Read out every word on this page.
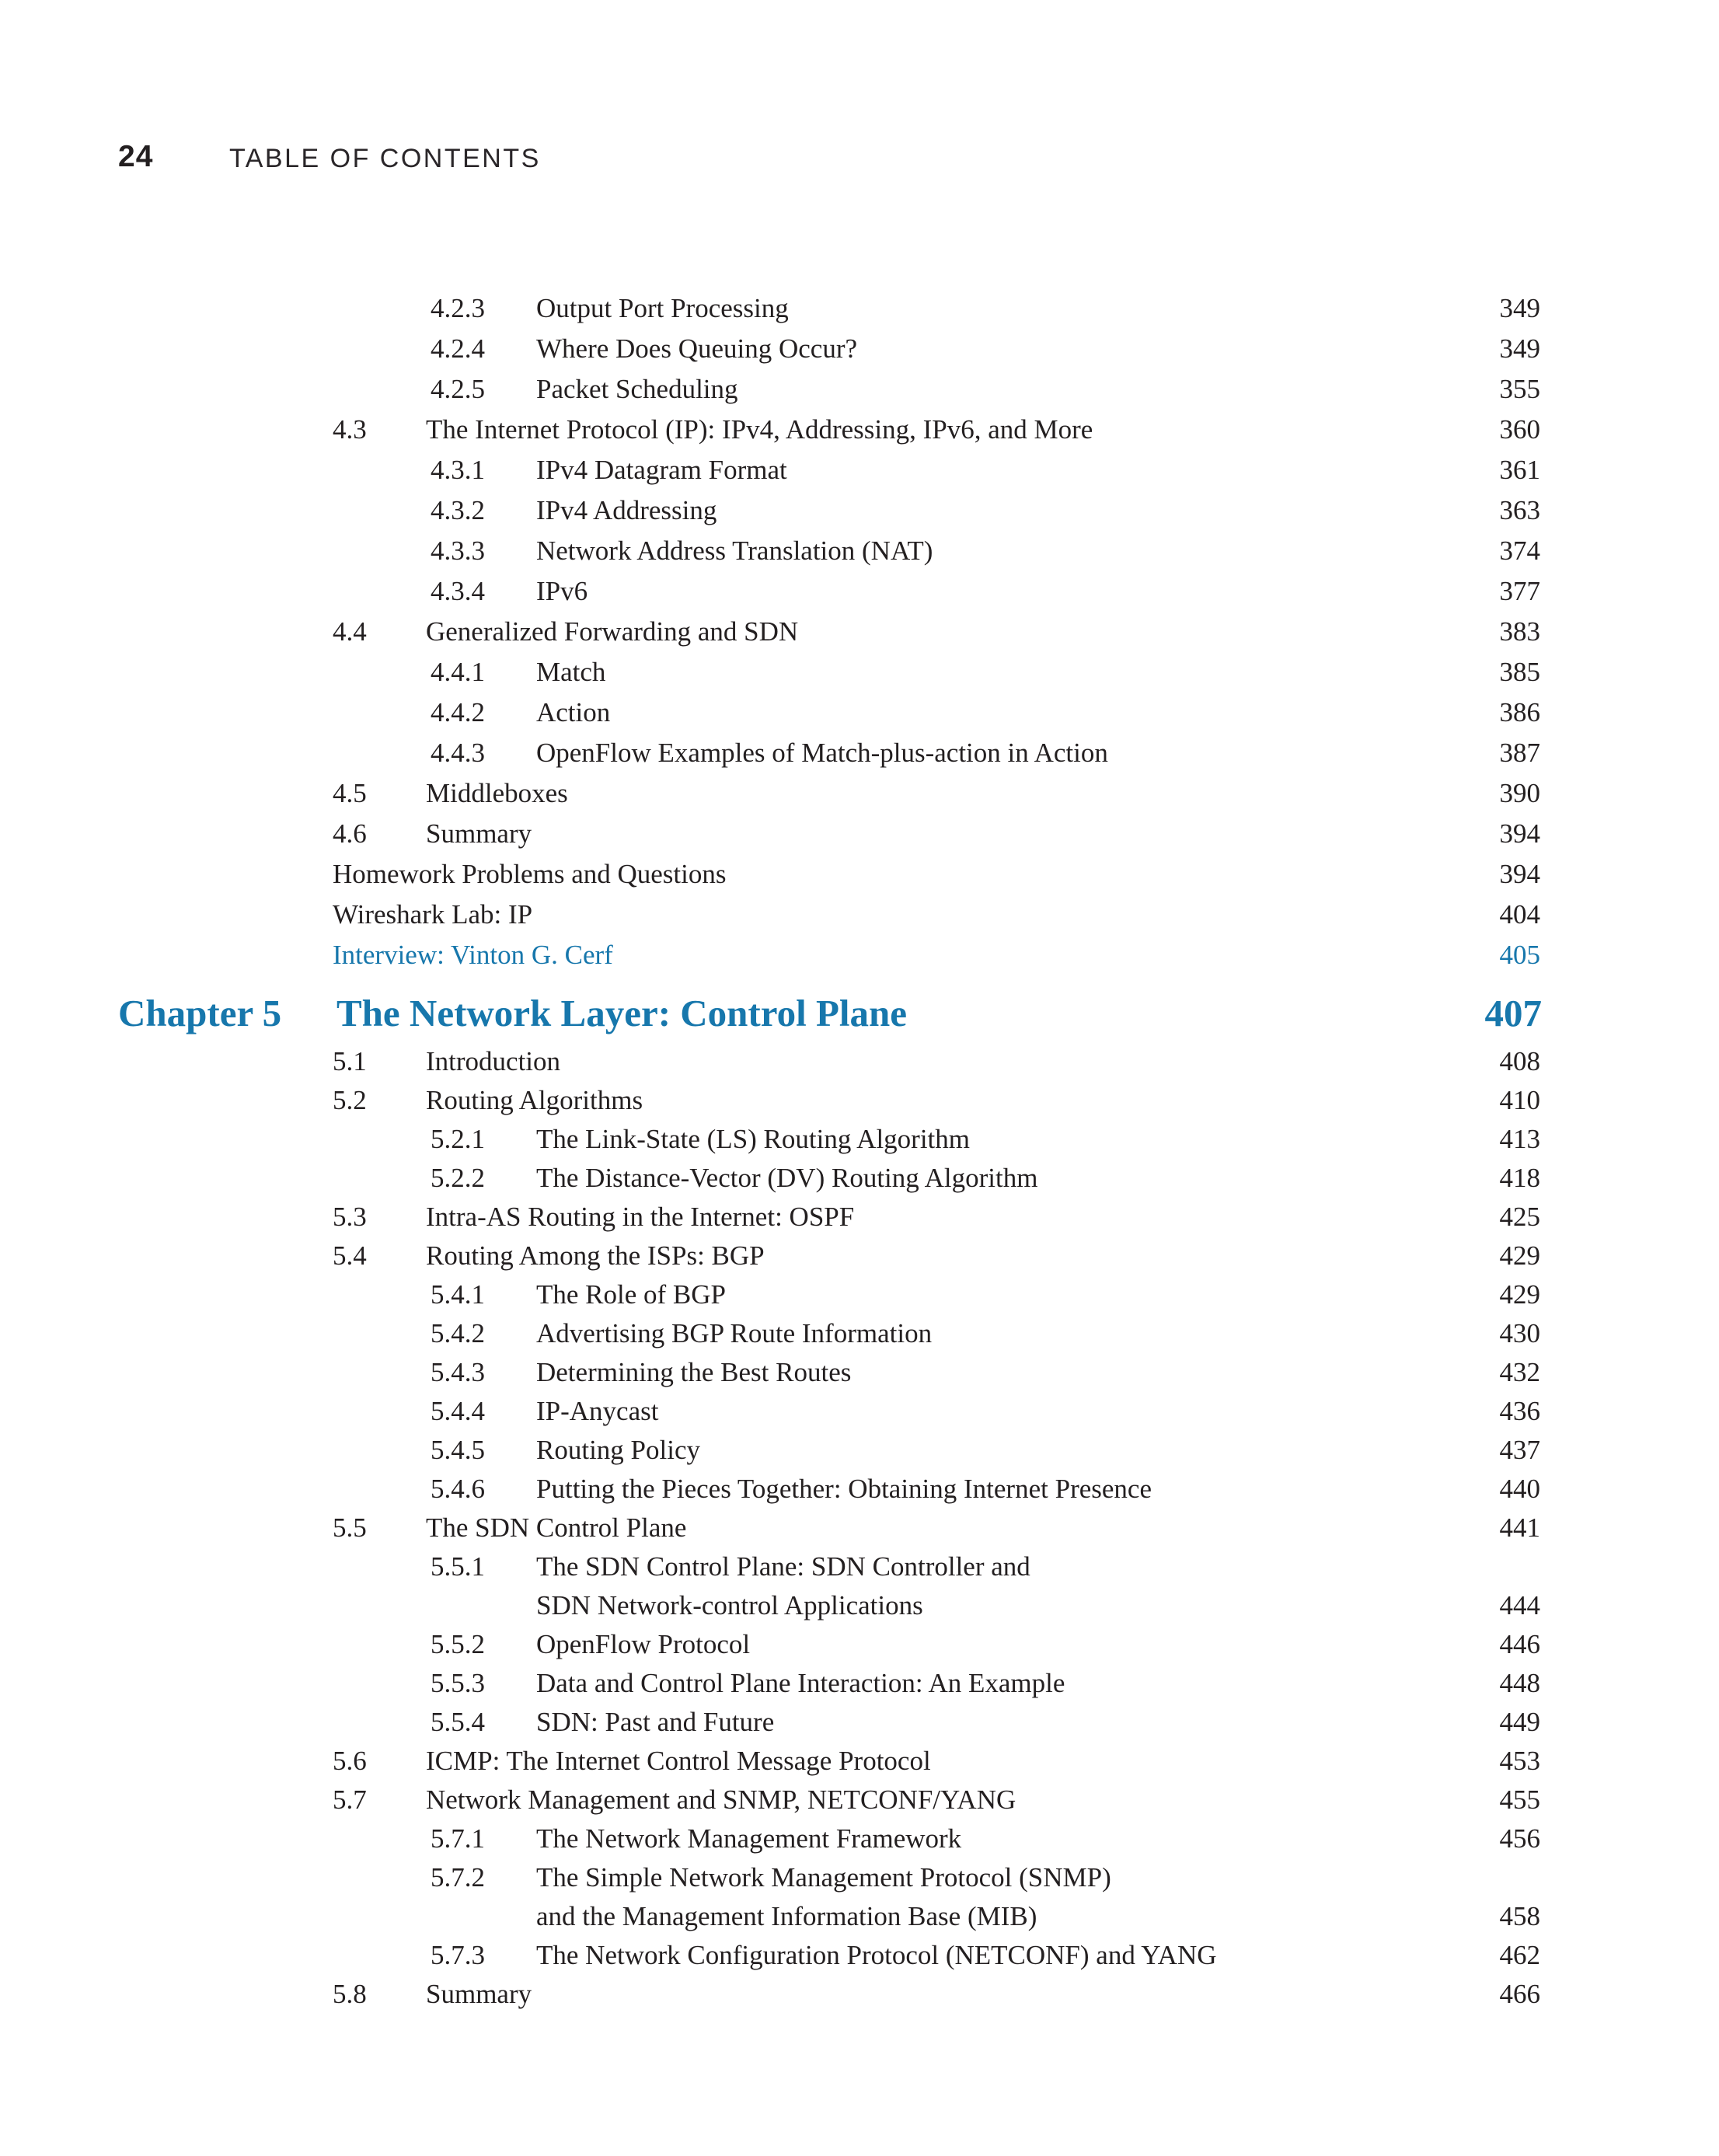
24	TABLE OF CONTENTS
4.2.3	Output Port Processing	349
4.2.4	Where Does Queuing Occur?	349
4.2.5	Packet Scheduling	355
4.3	The Internet Protocol (IP): IPv4, Addressing, IPv6, and More	360
4.3.1	IPv4 Datagram Format	361
4.3.2	IPv4 Addressing	363
4.3.3	Network Address Translation (NAT)	374
4.3.4	IPv6	377
4.4	Generalized Forwarding and SDN	383
4.4.1	Match	385
4.4.2	Action	386
4.4.3	OpenFlow Examples of Match-plus-action in Action	387
4.5	Middleboxes	390
4.6	Summary	394
Homework Problems and Questions	394
Wireshark Lab: IP	404
Interview: Vinton G. Cerf	405
Chapter 5	The Network Layer: Control Plane	407
5.1	Introduction	408
5.2	Routing Algorithms	410
5.2.1	The Link-State (LS) Routing Algorithm	413
5.2.2	The Distance-Vector (DV) Routing Algorithm	418
5.3	Intra-AS Routing in the Internet: OSPF	425
5.4	Routing Among the ISPs: BGP	429
5.4.1	The Role of BGP	429
5.4.2	Advertising BGP Route Information	430
5.4.3	Determining the Best Routes	432
5.4.4	IP-Anycast	436
5.4.5	Routing Policy	437
5.4.6	Putting the Pieces Together: Obtaining Internet Presence	440
5.5	The SDN Control Plane	441
5.5.1	The SDN Control Plane: SDN Controller and
SDN Network-control Applications	444
5.5.2	OpenFlow Protocol	446
5.5.3	Data and Control Plane Interaction: An Example	448
5.5.4	SDN: Past and Future	449
5.6	ICMP: The Internet Control Message Protocol	453
5.7	Network Management and SNMP, NETCONF/YANG	455
5.7.1	The Network Management Framework	456
5.7.2	The Simple Network Management Protocol (SNMP)
and the Management Information Base (MIB)	458
5.7.3	The Network Configuration Protocol (NETCONF) and YANG	462
5.8	Summary	466
